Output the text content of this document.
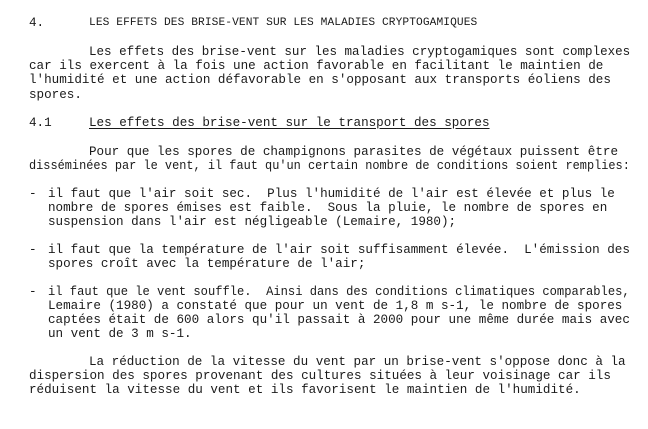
4.	LES EFFETS DES BRISE-VENT SUR LES MALADIES CRYPTOGAMIQUES
Les effets des brise-vent sur les maladies cryptogamiques sont complexes
car ils exercent à la fois une action favorable en facilitant le maintien de
l'humidité et une action défavorable en s'opposant aux transports éoliens des
spores.
4.1	Les effets des brise-vent sur le transport des spores
Pour que les spores de champignons parasites de végétaux puissent être
disséminées par le vent, il faut qu'un certain nombre de conditions soient remplies:
- il faut que l'air soit sec.  Plus l'humidité de l'air est élevée et plus le
nombre de spores émises est faible.  Sous la pluie, le nombre de spores en
suspension dans l'air est négligeable (Lemaire, 1980);
- il faut que la température de l'air soit suffisamment élevée.  L'émission des
spores croît avec la température de l'air;
- il faut que le vent souffle.  Ainsi dans des conditions climatiques comparables,
Lemaire (1980) a constaté que pour un vent de 1,8 m s-1, le nombre de spores
captées était de 600 alors qu'il passait à 2000 pour une même durée mais avec
un vent de 3 m s-1.
La réduction de la vitesse du vent par un brise-vent s'oppose donc à la
dispersion des spores provenant des cultures situées à leur voisinage car ils
réduisent la vitesse du vent et ils favorisent le maintien de l'humidité.
